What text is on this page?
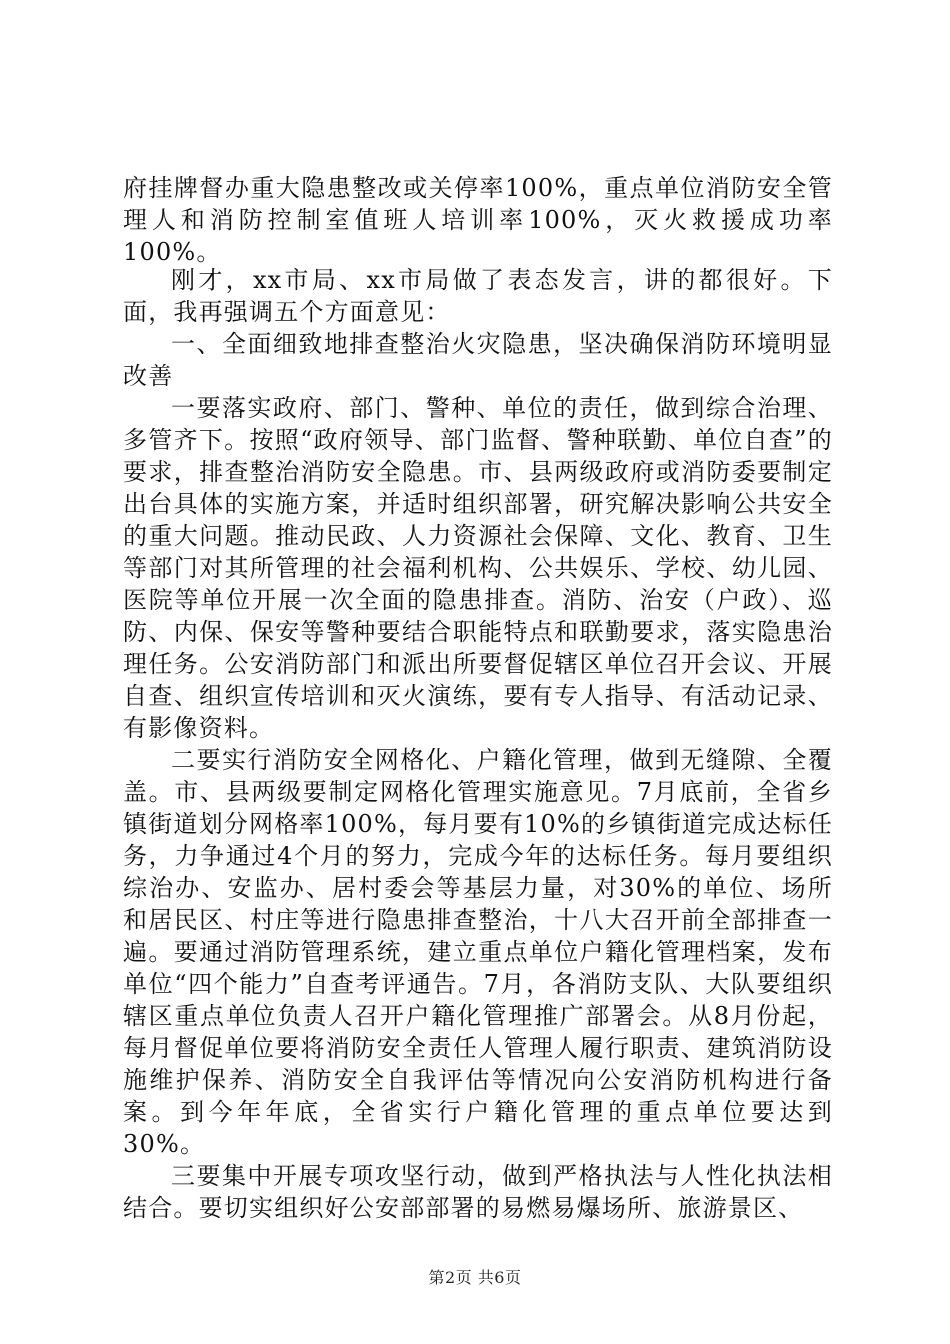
府挂牌督办重大隐患整改或关停率100%，重点单位消防安全管理人和消防控制室值班人培训率100%，灭火救援成功率100%。

刚才，xx市局、xx市局做了表态发言，讲的都很好。下面，我再强调五个方面意见：

一、全面细致地排查整治火灾隐患，坚决确保消防环境明显改善

一要落实政府、部门、警种、单位的责任，做到综合治理、多管齐下。按照“政府领导、部门监督、警种联勤、单位自查”的要求，排查整治消防安全隐患。市、县两级政府或消防委要制定出台具体的实施方案，并适时组织部署，研究解决影响公共安全的重大问题。推动民政、人力资源社会保障、文化、教育、卫生等部门对其所管理的社会福利机构、公共娱乐、学校、幼儿园、医院等单位开展一次全面的隐患排查。消防、治安（户政）、巡防、内保、保安等警种要结合职能特点和联勤要求，落实隐患治理任务。公安消防部门和派出所要督促辖区单位召开会议、开展自查、组织宣传培训和灭火演练，要有专人指导、有活动记录、有影像资料。

二要实行消防安全网格化、户籍化管理，做到无缝隙、全覆盖。市、县两级要制定网格化管理实施意见。7月底前，全省乡镇街道划分网格率100%，每月要有10%的乡镇街道完成达标任务，力争通过4个月的努力，完成今年的达标任务。每月要组织综治办、安监办、居村委会等基层力量，对30%的单位、场所和居民区、村庄等进行隐患排查整治，十八大召开前全部排查一遍。要通过消防管理系统，建立重点单位户籍化管理档案，发布单位“四个能力”自查考评通告。7月，各消防支队、大队要组织辖区重点单位负责人召开户籍化管理推广部署会。从8月份起，每月督促单位要将消防安全责任人管理人履行职责、建筑消防设施维护保养、消防安全自我评估等情况向公安消防机构进行备案。到今年年底，全省实行户籍化管理的重点单位要达到30%。

三要集中开展专项攻坚行动，做到严格执法与人性化执法相结合。要切实组织好公安部部署的易燃易爆场所、旅游景区、

第2页 共6页
